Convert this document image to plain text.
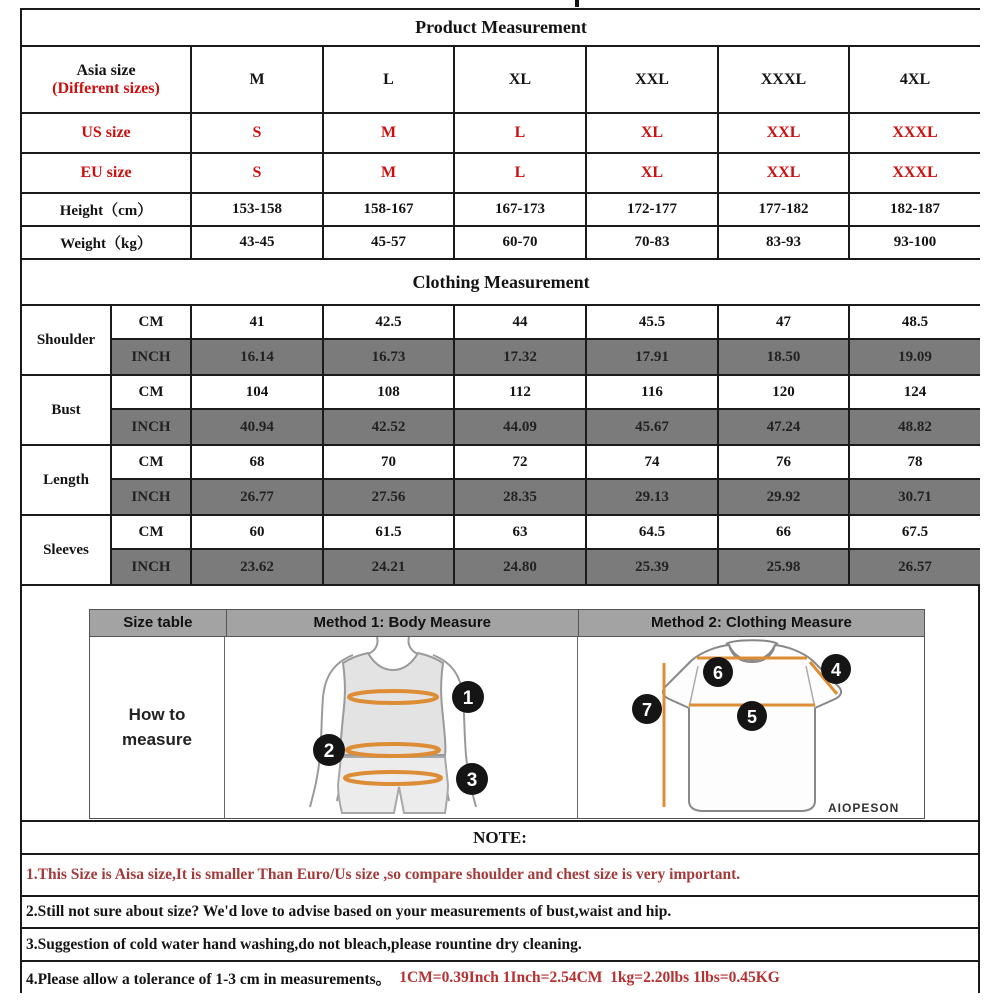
Product Measurement							

Asia size
(Different sizes)		M	L	XL	XXL	XXXL	4XL
US size		S	M	L	XL	XXL	XXXL
EU size		S	M	L	XL	XXL	XXXL
Height（cm）		153-158	158-167	167-173	172-177	177-182	182-187
Weight（kg）		43-45	45-57	60-70	70-83	83-93	93-100
Clothing Measurement							
Shoulder	CM	41	42.5	44	45.5	47	48.5
	INCH	16.14	16.73	17.32	17.91	18.50	19.09
Bust	CM	104	108	112	116	120	124
	INCH	40.94	42.52	44.09	45.67	47.24	48.82
Length	CM	68	70	72	74	76	78
	INCH	26.77	27.56	28.35	29.13	29.92	30.71
Sleeves	CM	60	61.5	63	64.5	66	67.5
	INCH	23.62	24.21	24.80	25.39	25.98	26.57
Size table	Method 1: Body Measure	Method 2: Clothing Measure
How to
measure
1
2
3
6	4
7	5
AIOPESON
NOTE:
1.This Size is Aisa size,It is smaller Than Euro/Us size ,so compare shoulder and chest size is very important.
2.Still not sure about size? We'd love to advise based on your measurements of bust,waist and hip.
3.Suggestion of cold water hand washing,do not bleach,please rountine dry cleaning.
4.Please allow a tolerance of 1-3 cm in measurements。 1CM=0.39Inch 1Inch=2.54CM  1kg=2.20lbs 1lbs=0.45KG
